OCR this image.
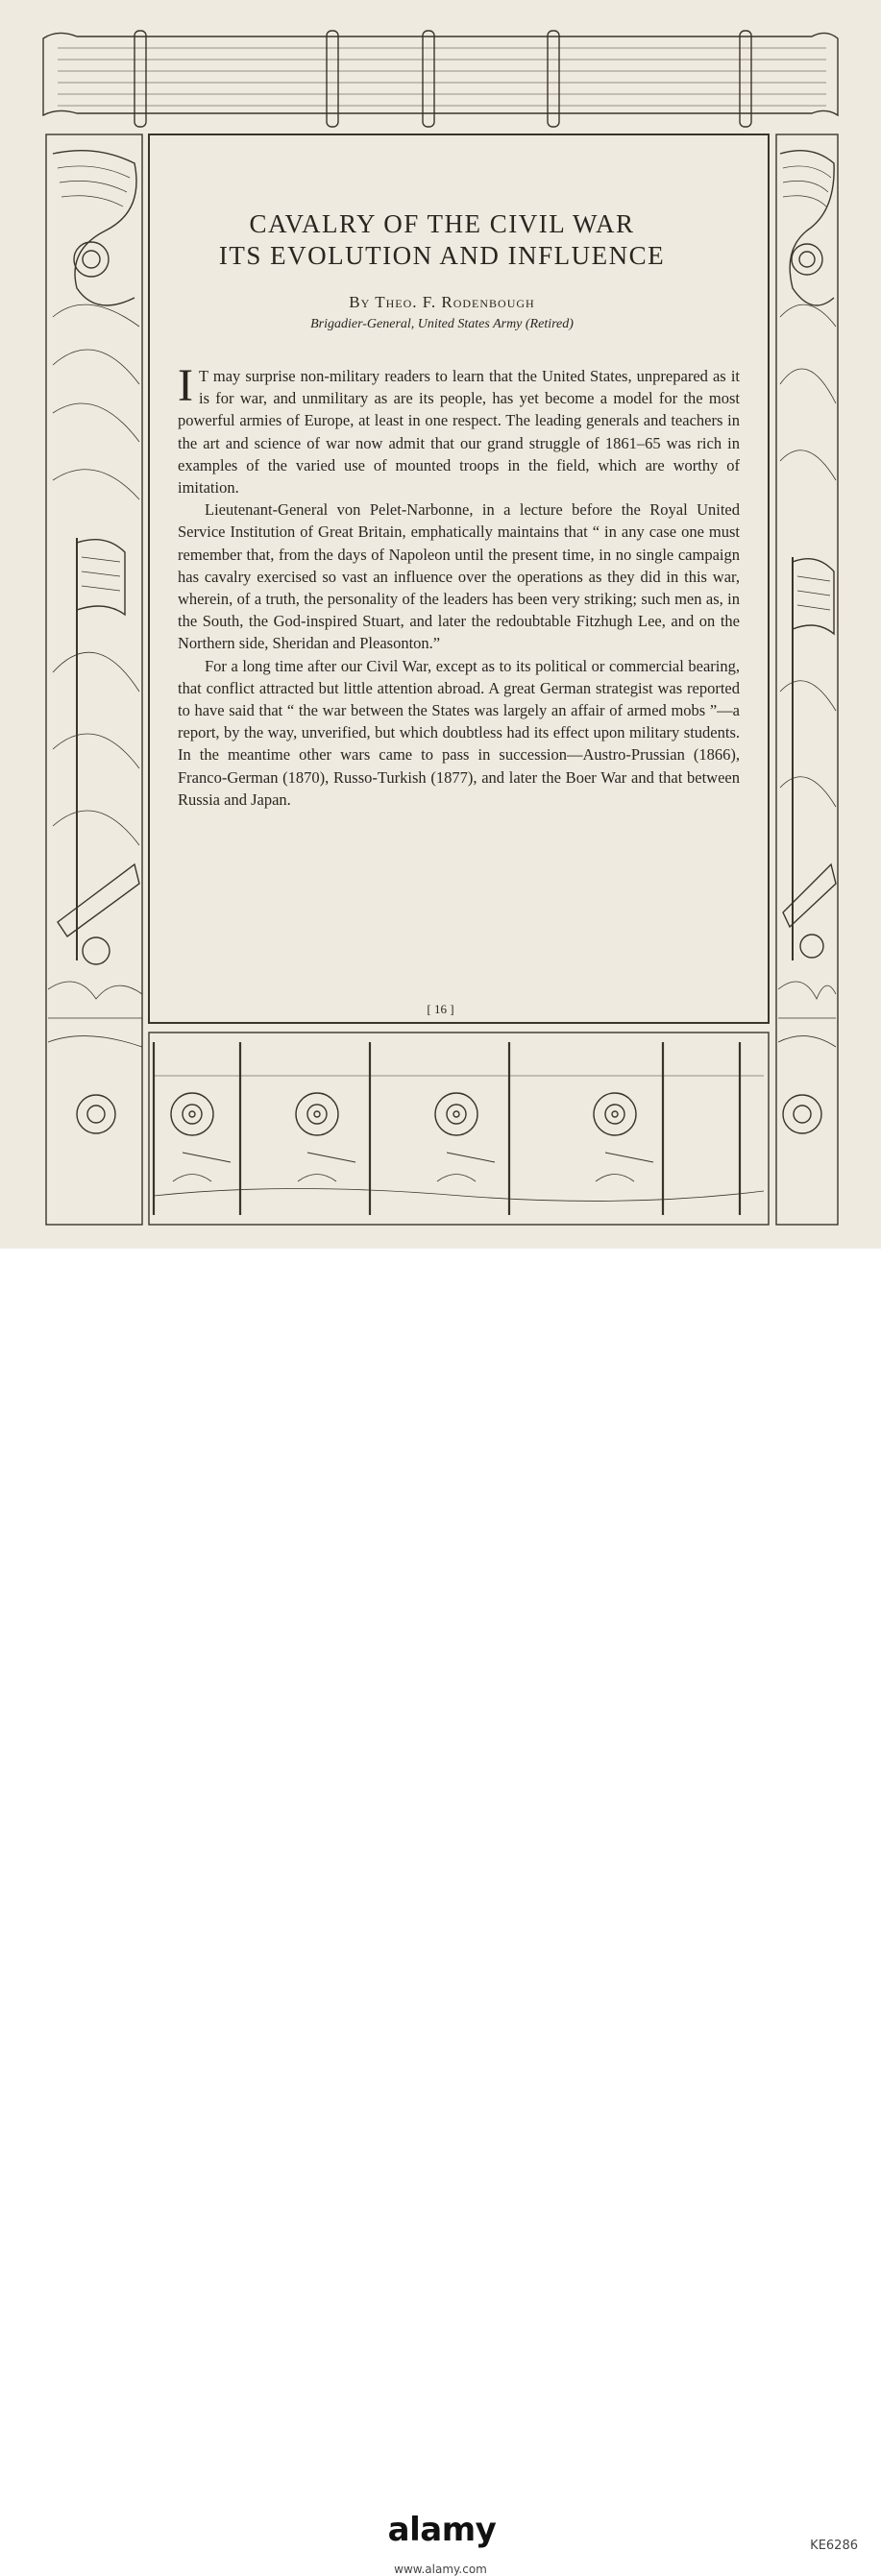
CAVALRY OF THE CIVIL WAR
ITS EVOLUTION AND INFLUENCE
By Theo. F. Rodenbough
Brigadier-General, United States Army (Retired)

I T may surprise non-military readers to learn that the United States, unprepared as it is for war, and unmilitary as are its people, has yet become a model for the most powerful armies of Europe, at least in one respect. The leading generals and teachers in the art and science of war now admit that our grand struggle of 1861–65 was rich in examples of the varied use of mounted troops in the field, which are worthy of imitation.

Lieutenant-General von Pelet-Narbonne, in a lecture before the Royal United Service Institution of Great Britain, emphatically maintains that “ in any case one must remember that, from the days of Napoleon until the present time, in no single campaign has cavalry exercised so vast an influence over the operations as they did in this war, wherein, of a truth, the personality of the leaders has been very striking; such men as, in the South, the God-inspired Stuart, and later the redoubtable Fitzhugh Lee, and on the Northern side, Sheridan and Pleasonton.”

For a long time after our Civil War, except as to its political or commercial bearing, that conflict attracted but little attention abroad. A great German strategist was reported to have said that “ the war between the States was largely an affair of armed mobs ”—a report, by the way, unverified, but which doubtless had its effect upon military students. In the meantime other wars came to pass in succession—Austro-Prussian (1866), Franco-German (1870), Russo-Turkish (1877), and later the Boer War and that between Russia and Japan.

[ 16 ]
alamy	KE6286
www.alamy.com
